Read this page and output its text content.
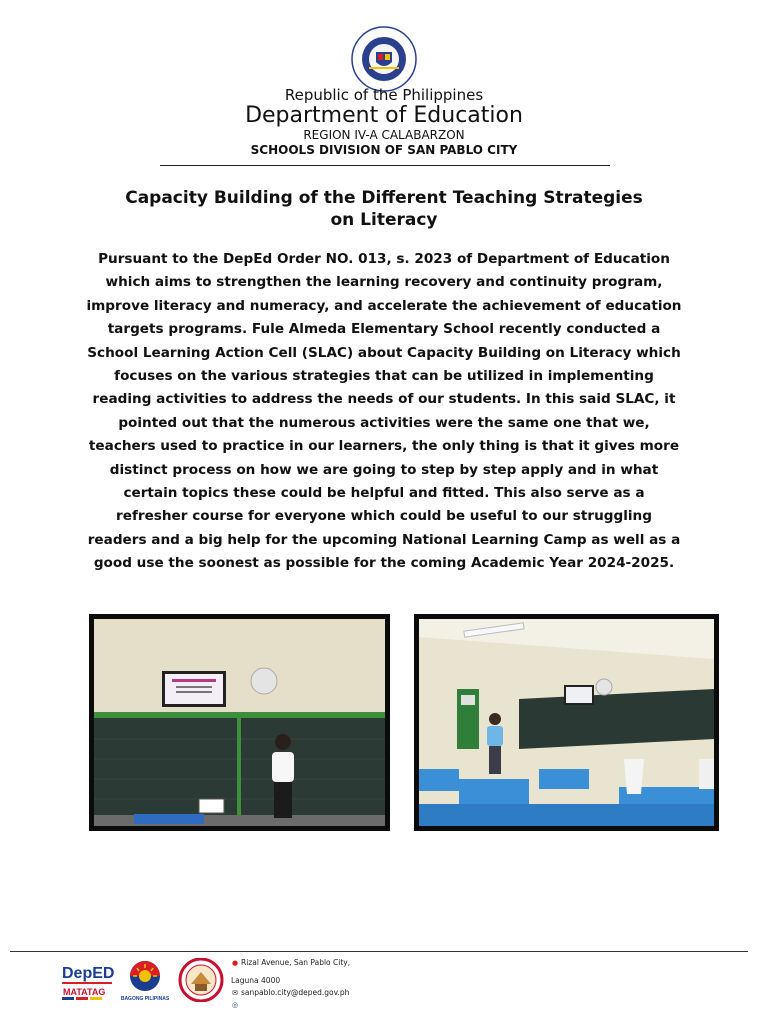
Republic of the Philippines
Department of Education
REGION IV-A CALABARZON
SCHOOLS DIVISION OF SAN PABLO CITY
Capacity Building of the Different Teaching Strategies
on Literacy
Pursuant to the DepEd Order NO. 013, s. 2023 of Department of Education which aims to strengthen the learning recovery and continuity program, improve literacy and numeracy, and accelerate the achievement of education targets programs. Fule Almeda Elementary School recently conducted a School Learning Action Cell (SLAC) about Capacity Building on Literacy which focuses on the various strategies that can be utilized in implementing reading activities to address the needs of our students. In this said SLAC, it pointed out that the numerous activities were the same one that we, teachers used to practice in our learners, the only thing is that it gives more distinct process on how we are going to step by step apply and in what certain topics these could be helpful and fitted. This also serve as a refresher course for everyone which could be useful to our struggling readers and a big help for the upcoming National Learning Camp as well as a good use the soonest as possible for the coming Academic Year 2024-2025.
DepED
MATATAG
BAGONG PILIPINAS
● Rizal Avenue, San Pablo City,
Laguna 4000
✉ sanpablo.city@deped.gov.ph
◎
